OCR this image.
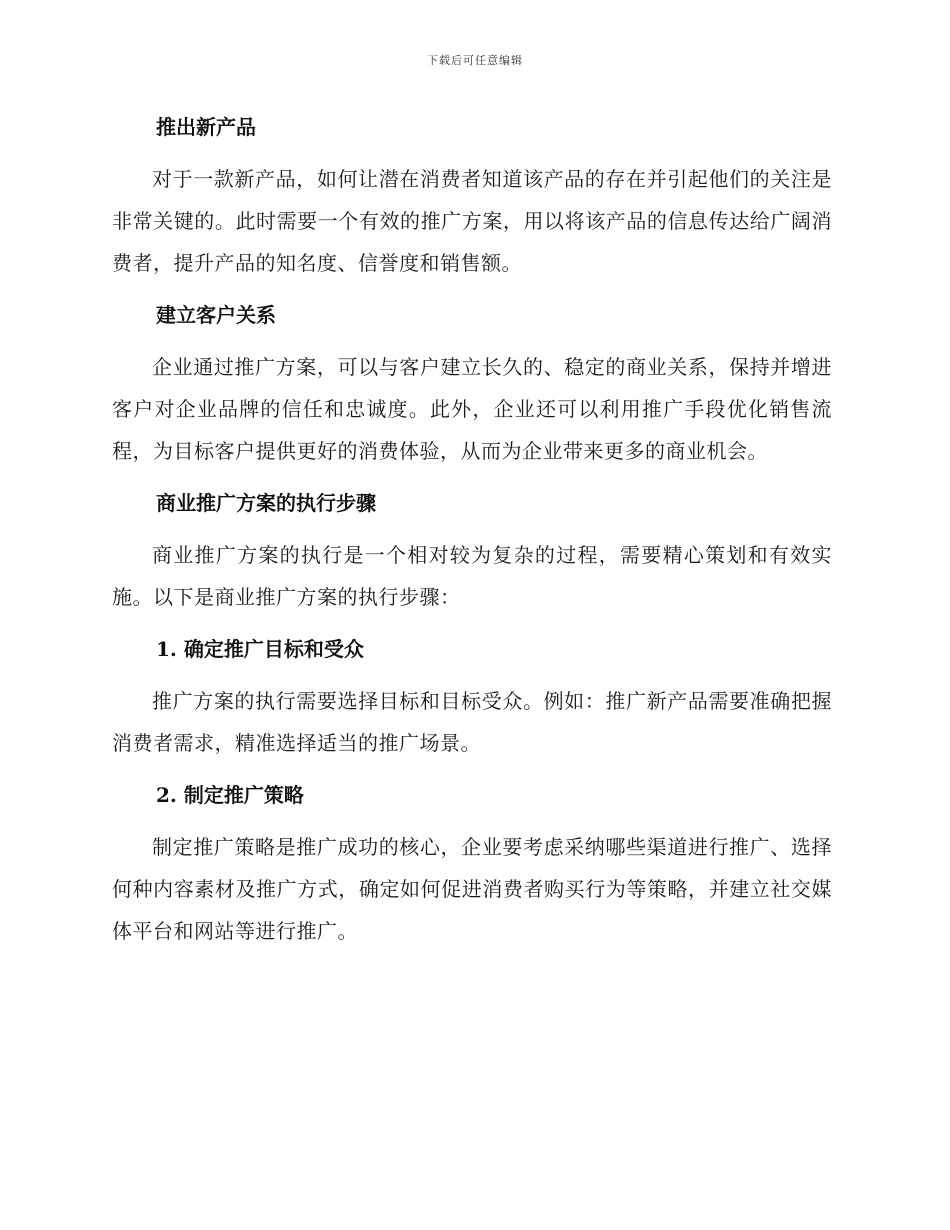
下载后可任意编辑
推出新产品

对于一款新产品，如何让潜在消费者知道该产品的存在并引起他们的关注是非常关键的。此时需要一个有效的推广方案，用以将该产品的信息传达给广阔消费者，提升产品的知名度、信誉度和销售额。

建立客户关系

企业通过推广方案，可以与客户建立长久的、稳定的商业关系，保持并增进客户对企业品牌的信任和忠诚度。此外，企业还可以利用推广手段优化销售流程，为目标客户提供更好的消费体验，从而为企业带来更多的商业机会。

商业推广方案的执行步骤

商业推广方案的执行是一个相对较为复杂的过程，需要精心策划和有效实施。以下是商业推广方案的执行步骤：

1. 确定推广目标和受众

推广方案的执行需要选择目标和目标受众。例如：推广新产品需要准确把握消费者需求，精准选择适当的推广场景。

2. 制定推广策略

制定推广策略是推广成功的核心，企业要考虑采纳哪些渠道进行推广、选择何种内容素材及推广方式，确定如何促进消费者购买行为等策略，并建立社交媒体平台和网站等进行推广。
